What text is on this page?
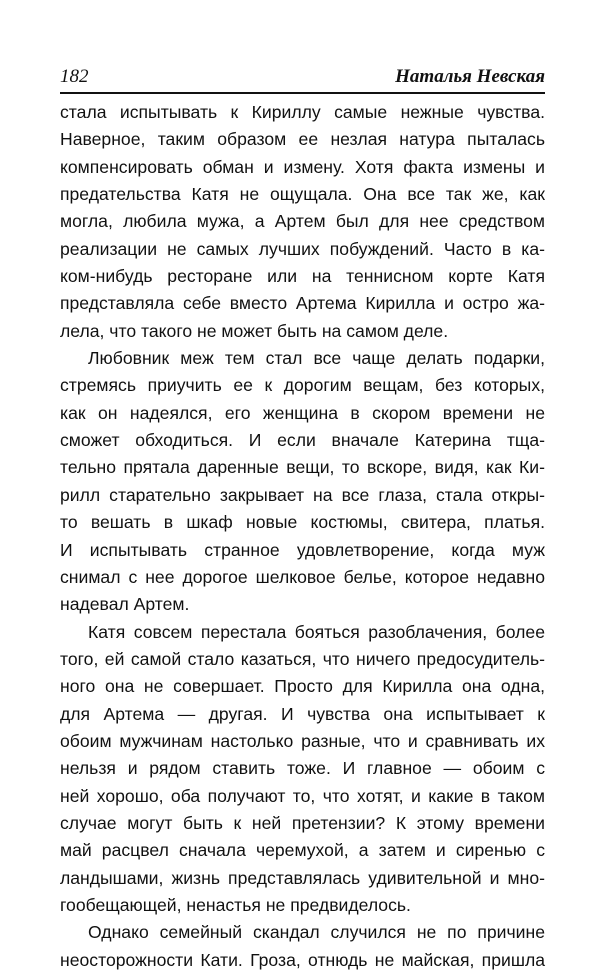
182	Наталья Невская
стала испытывать к Кириллу самые нежные чувства.
Наверное, таким образом ее незлая натура пыталась
компенсировать обман и измену. Хотя факта измены и
предательства Катя не ощущала. Она все так же, как
могла, любила мужа, а Артем был для нее средством
реализации не самых лучших побуждений. Часто в ка-
ком-нибудь ресторане или на теннисном корте Катя
представляла себе вместо Артема Кирилла и остро жа-
лела, что такого не может быть на самом деле.
Любовник меж тем стал все чаще делать подарки,
стремясь приучить ее к дорогим вещам, без которых,
как он надеялся, его женщина в скором времени не
сможет обходиться. И если вначале Катерина тща-
тельно прятала даренные вещи, то вскоре, видя, как Ки-
рилл старательно закрывает на все глаза, стала откры-
то вешать в шкаф новые костюмы, свитера, платья.
И испытывать странное удовлетворение, когда муж
снимал с нее дорогое шелковое белье, которое недавно
надевал Артем.
Катя совсем перестала бояться разоблачения, более
того, ей самой стало казаться, что ничего предосудитель-
ного она не совершает. Просто для Кирилла она одна,
для Артема — другая. И чувства она испытывает к
обоим мужчинам настолько разные, что и сравнивать их
нельзя и рядом ставить тоже. И главное — обоим с
ней хорошо, оба получают то, что хотят, и какие в таком
случае могут быть к ней претензии? К этому времени
май расцвел сначала черемухой, а затем и сиренью с
ландышами, жизнь представлялась удивительной и мно-
гообещающей, ненастья не предвиделось.
Однако семейный скандал случился не по причине
неосторожности Кати. Гроза, отнюдь не майская, пришла
